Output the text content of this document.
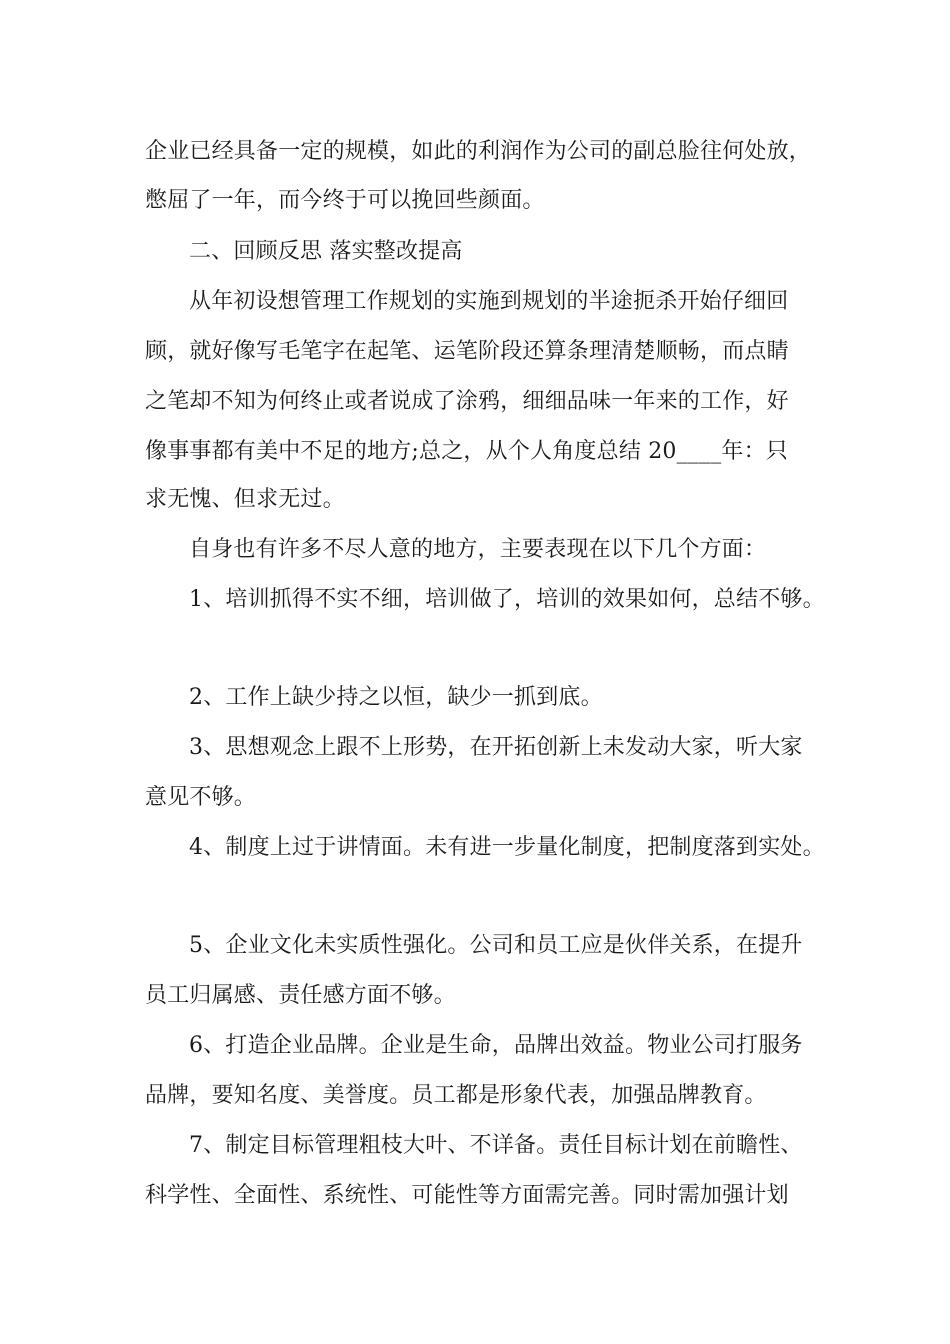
企业已经具备一定的规模，如此的利润作为公司的副总脸往何处放，
憋屈了一年，而今终于可以挽回些颜面。
二、回顾反思 落实整改提高
从年初设想管理工作规划的实施到规划的半途扼杀开始仔细回
顾，就好像写毛笔字在起笔、运笔阶段还算条理清楚顺畅，而点睛
之笔却不知为何终止或者说成了涂鸦，细细品味一年来的工作，好
像事事都有美中不足的地方;总之，从个人角度总结 20____年：只
求无愧、但求无过。
自身也有许多不尽人意的地方，主要表现在以下几个方面：
1、培训抓得不实不细，培训做了，培训的效果如何，总结不够。
2、工作上缺少持之以恒，缺少一抓到底。
3、思想观念上跟不上形势，在开拓创新上未发动大家，听大家
意见不够。
4、制度上过于讲情面。未有进一步量化制度，把制度落到实处。
5、企业文化未实质性强化。公司和员工应是伙伴关系，在提升
员工归属感、责任感方面不够。
6、打造企业品牌。企业是生命，品牌出效益。物业公司打服务
品牌，要知名度、美誉度。员工都是形象代表，加强品牌教育。
7、制定目标管理粗枝大叶、不详备。责任目标计划在前瞻性、
科学性、全面性、系统性、可能性等方面需完善。同时需加强计划
